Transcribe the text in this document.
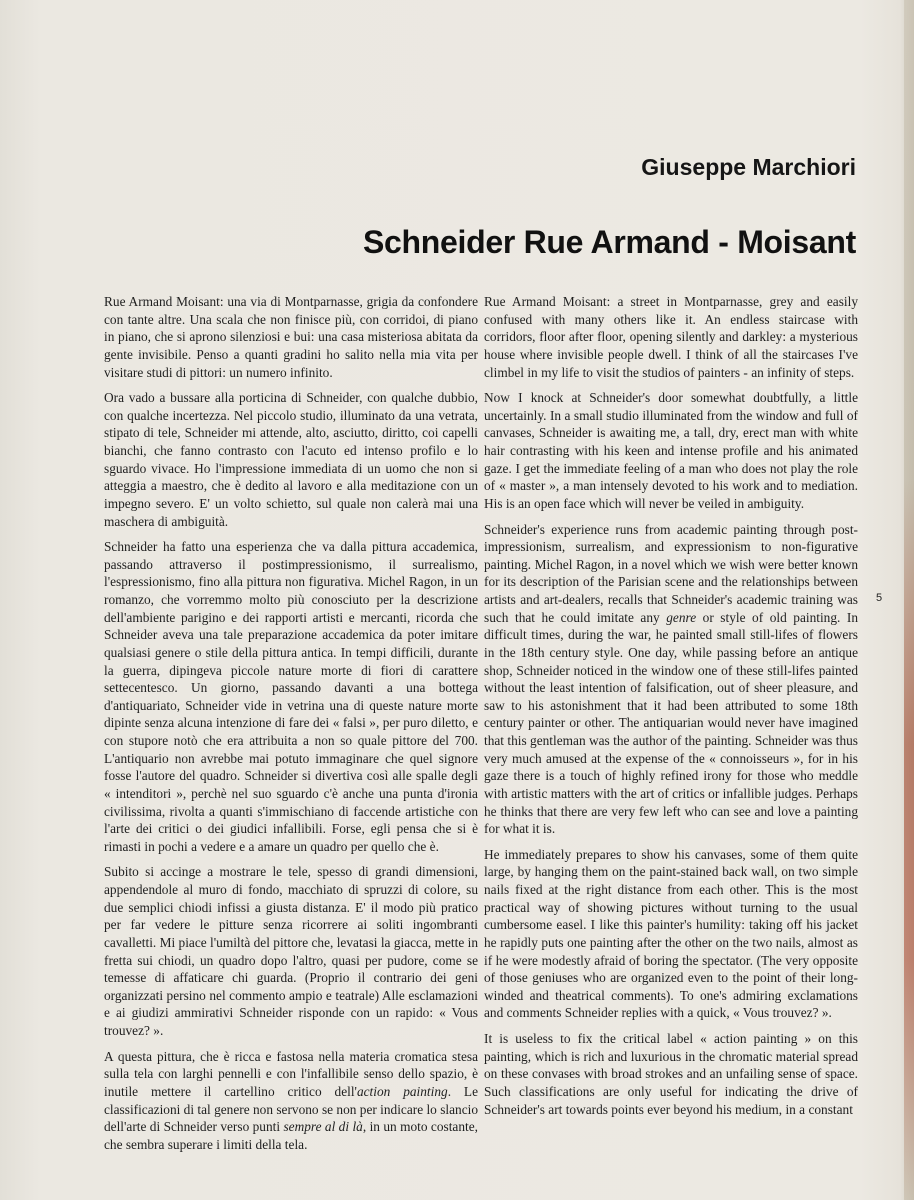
Giuseppe Marchiori
Schneider Rue Armand - Moisant

Rue Armand Moisant: una via di Montparnasse, grigia da confondere con tante altre. Una scala che non finisce più, con corridoi, di piano in piano, che si aprono silenziosi e bui: una casa misteriosa abitata da gente invisibile. Penso a quanti gradini ho salito nella mia vita per visitare studi di pittori: un numero infinito.

Ora vado a bussare alla porticina di Schneider, con qualche dubbio, con qualche incertezza. Nel piccolo studio, illuminato da una vetrata, stipato di tele, Schneider mi attende, alto, asciutto, diritto, coi capelli bianchi, che fanno contrasto con l'acuto ed intenso profilo e lo sguardo vivace. Ho l'impressione immediata di un uomo che non si atteggia a maestro, che è dedito al lavoro e alla meditazione con un impegno severo. E' un volto schietto, sul quale non calerà mai una maschera di ambiguità.

Schneider ha fatto una esperienza che va dalla pittura accademica, passando attraverso il postimpressionismo, il surrealismo, l'espressionismo, fino alla pittura non figurativa. Michel Ragon, in un romanzo, che vorremmo molto più conosciuto per la descrizione dell'ambiente parigino e dei rapporti artisti e mercanti, ricorda che Schneider aveva una tale preparazione accademica da poter imitare qualsiasi genere o stile della pittura antica. In tempi difficili, durante la guerra, dipingeva piccole nature morte di fiori di carattere settecentesco. Un giorno, passando davanti a una bottega d'antiquariato, Schneider vide in vetrina una di queste nature morte dipinte senza alcuna intenzione di fare dei « falsi », per puro diletto, e con stupore notò che era attribuita a non so quale pittore del 700. L'antiquario non avrebbe mai potuto immaginare che quel signore fosse l'autore del quadro. Schneider si divertiva così alle spalle degli « intenditori », perchè nel suo sguardo c'è anche una punta d'ironia civilissima, rivolta a quanti s'immischiano di faccende artistiche con l'arte dei critici o dei giudici infallibili. Forse, egli pensa che si è rimasti in pochi a vedere e a amare un quadro per quello che è.

Subito si accinge a mostrare le tele, spesso di grandi dimensioni, appendendole al muro di fondo, macchiato di spruzzi di colore, su due semplici chiodi infissi a giusta distanza. E' il modo più pratico per far vedere le pitture senza ricorrere ai soliti ingombranti cavalletti. Mi piace l'umiltà del pittore che, levatasi la giacca, mette in fretta sui chiodi, un quadro dopo l'altro, quasi per pudore, come se temesse di affaticare chi guarda. (Proprio il contrario dei geni organizzati persino nel commento ampio e teatrale) Alle esclamazioni e ai giudizi ammirativi Schneider risponde con un rapido: « Vous trouvez? ».

A questa pittura, che è ricca e fastosa nella materia cromatica stesa sulla tela con larghi pennelli e con l'infallibile senso dello spazio, è inutile mettere il cartellino critico dell'action painting. Le classificazioni di tal genere non servono se non per indicare lo slancio dell'arte di Schneider verso punti sempre al di là, in un moto costante, che sembra superare i limiti della tela.

Rue Armand Moisant: a street in Montparnasse, grey and easily confused with many others like it. An endless staircase with corridors, floor after floor, opening silently and darkley: a mysterious house where invisible people dwell. I think of all the staircases I've climbel in my life to visit the studios of painters - an infinity of steps.

Now I knock at Schneider's door somewhat doubtfully, a little uncertainly. In a small studio illuminated from the window and full of canvases, Schneider is awaiting me, a tall, dry, erect man with white hair contrasting with his keen and intense profile and his animated gaze. I get the immediate feeling of a man who does not play the role of « master », a man intensely devoted to his work and to mediation. His is an open face which will never be veiled in ambiguity.

Schneider's experience runs from academic painting through post-impressionism, surrealism, and expressionism to non-figurative painting. Michel Ragon, in a novel which we wish were better known for its description of the Parisian scene and the relationships between artists and art-dealers, recalls that Schneider's academic training was such that he could imitate any genre or style of old painting. In difficult times, during the war, he painted small still-lifes of flowers in the 18th century style. One day, while passing before an antique shop, Schneider noticed in the window one of these still-lifes painted without the least intention of falsification, out of sheer pleasure, and saw to his astonishment that it had been attributed to some 18th century painter or other. The antiquarian would never have imagined that this gentleman was the author of the painting. Schneider was thus very much amused at the expense of the « connoisseurs », for in his gaze there is a touch of highly refined irony for those who meddle with artistic matters with the art of critics or infallible judges. Perhaps he thinks that there are very few left who can see and love a painting for what it is.

He immediately prepares to show his canvases, some of them quite large, by hanging them on the paint-stained back wall, on two simple nails fixed at the right distance from each other. This is the most practical way of showing pictures without turning to the usual cumbersome easel. I like this painter's humility: taking off his jacket he rapidly puts one painting after the other on the two nails, almost as if he were modestly afraid of boring the spectator. (The very opposite of those geniuses who are organized even to the point of their long-winded and theatrical comments). To one's admiring exclamations and comments Schneider replies with a quick, « Vous trouvez? ».

It is useless to fix the critical label « action painting » on this painting, which is rich and luxurious in the chromatic material spread on these convases with broad strokes and an unfailing sense of space. Such classifications are only useful for indicating the drive of Schneider's art towards points ever beyond his medium, in a constant

5
